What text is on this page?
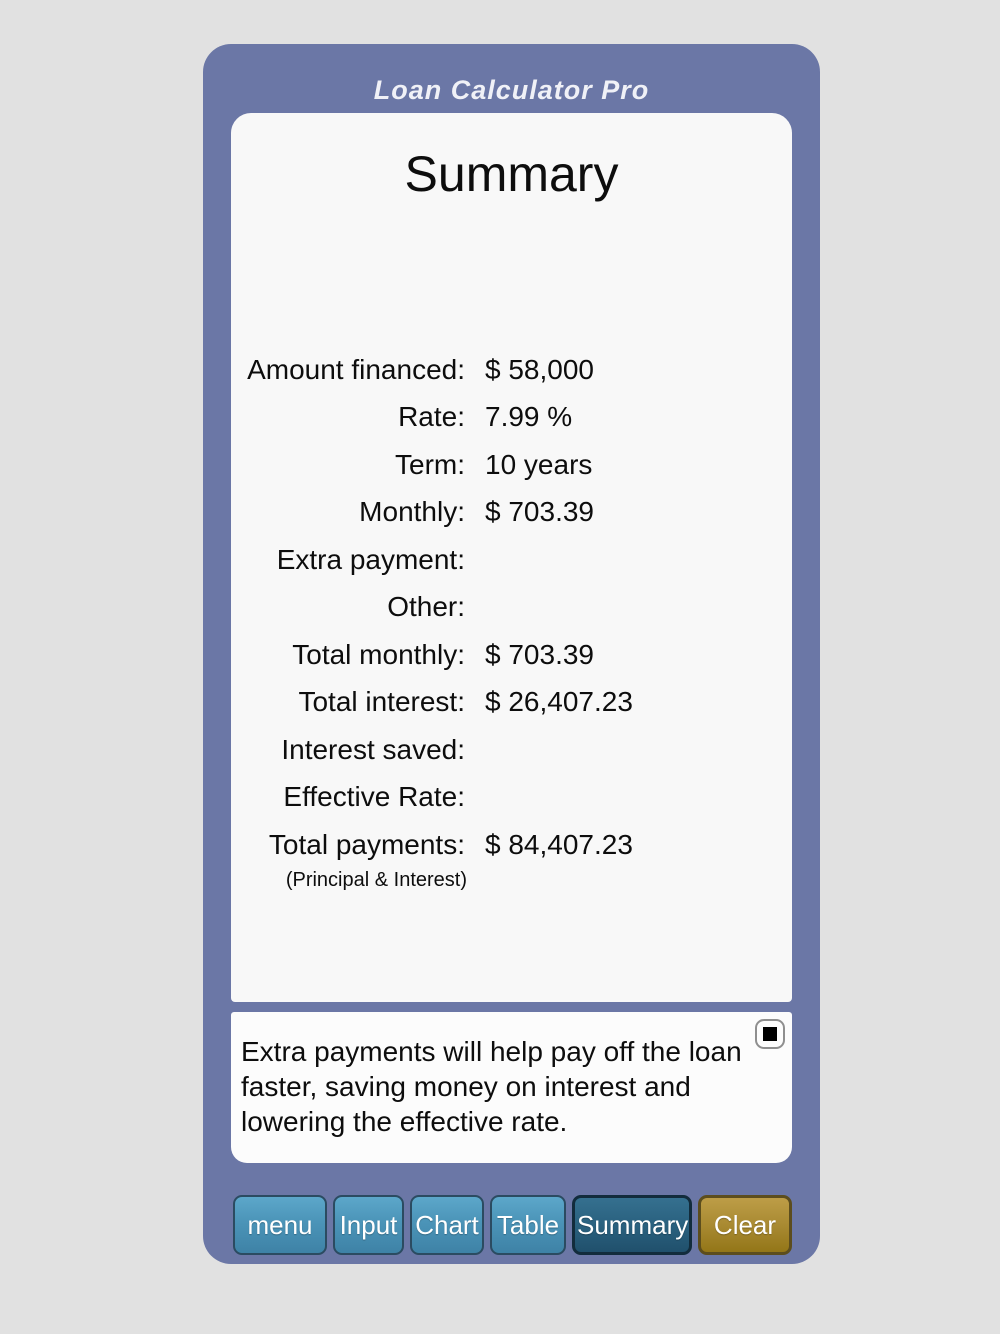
Loan Calculator Pro
Summary
Amount financed: $ 58,000
Rate: 7.99 %
Term: 10 years
Monthly: $ 703.39
Extra payment:
Other:
Total monthly: $ 703.39
Total interest: $ 26,407.23
Interest saved:
Effective Rate:
Total payments: $ 84,407.23
(Principal & Interest)
Extra payments will help pay off the loan faster, saving money on interest and lowering the effective rate.
menu	Input Chart Table Summary Clear
